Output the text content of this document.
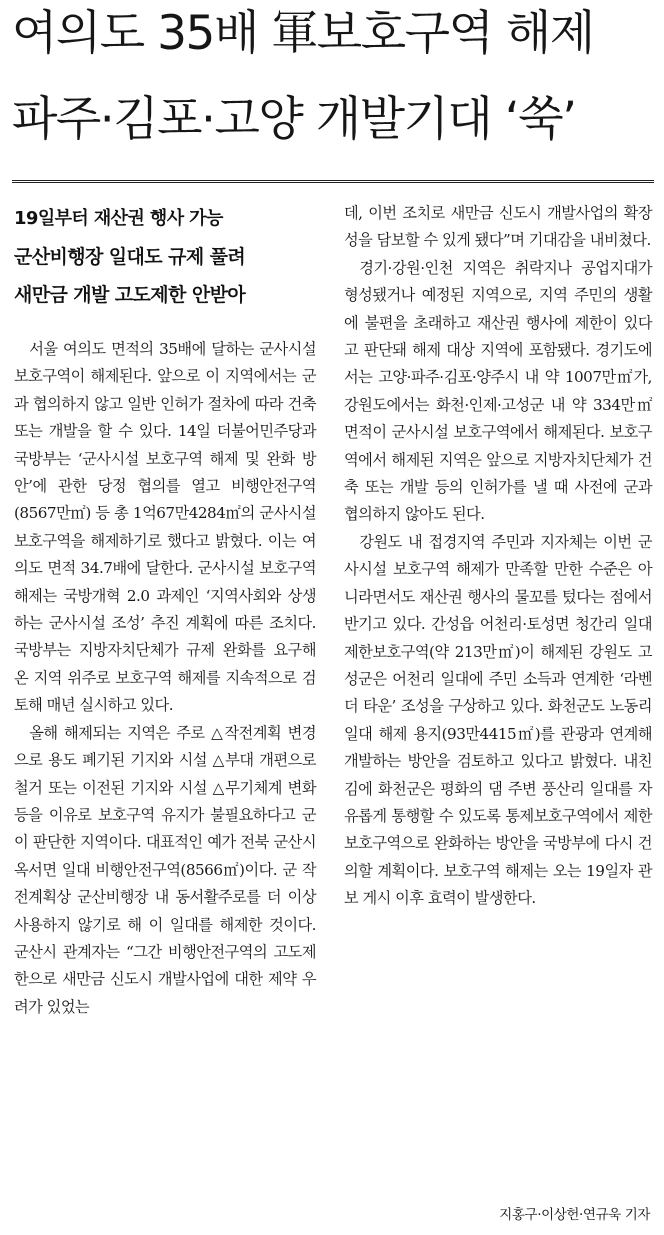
여의도 35배 軍보호구역 해제
파주·김포·고양 개발기대 ‘쑥’
19일부터 재산권 행사 가능
군산비행장 일대도 규제 풀려
새만금 개발 고도제한 안받아
서울 여의도 면적의 35배에 달하는 군사시설 보호구역이 해제된다. 앞으로 이 지역에서는 군과 협의하지 않고 일반 인허가 절차에 따라 건축 또는 개발을 할 수 있다. 14일 더불어민주당과 국방부는 ‘군사시설 보호구역 해제 및 완화 방안’에 관한 당정 협의를 열고 비행안전구역(8567만㎡) 등 총 1억67만4284㎡의 군사시설 보호구역을 해제하기로 했다고 밝혔다. 이는 여의도 면적 34.7배에 달한다. 군사시설 보호구역 해제는 국방개혁 2.0 과제인 ‘지역사회와 상생하는 군사시설 조성’ 추진 계획에 따른 조치다. 국방부는 지방자치단체가 규제 완화를 요구해 온 지역 위주로 보호구역 해제를 지속적으로 검토해 매년 실시하고 있다.
올해 해제되는 지역은 주로 △작전계획 변경으로 용도 폐기된 기지와 시설 △부대 개편으로 철거 또는 이전된 기지와 시설 △무기체계 변화 등을 이유로 보호구역 유지가 불필요하다고 군이 판단한 지역이다. 대표적인 예가 전북 군산시 옥서면 일대 비행안전구역(8566㎡)이다. 군 작전계획상 군산비행장 내 동서활주로를 더 이상 사용하지 않기로 해 이 일대를 해제한 것이다. 군산시 관계자는 “그간 비행안전구역의 고도제한으로 새만금 신도시 개발사업에 대한 제약 우려가 있었는
데, 이번 조치로 새만금 신도시 개발사업의 확장성을 담보할 수 있게 됐다”며 기대감을 내비쳤다.
경기·강원·인천 지역은 취락지나 공업지대가 형성됐거나 예정된 지역으로, 지역 주민의 생활에 불편을 초래하고 재산권 행사에 제한이 있다고 판단돼 해제 대상 지역에 포함됐다. 경기도에서는 고양·파주·김포·양주시 내 약 1007만㎡가, 강원도에서는 화천·인제·고성군 내 약 334만㎡ 면적이 군사시설 보호구역에서 해제된다. 보호구역에서 해제된 지역은 앞으로 지방자치단체가 건축 또는 개발 등의 인허가를 낼 때 사전에 군과 협의하지 않아도 된다.
강원도 내 접경지역 주민과 지자체는 이번 군사시설 보호구역 해제가 만족할 만한 수준은 아니라면서도 재산권 행사의 물꼬를 텄다는 점에서 반기고 있다. 간성읍 어천리·토성면 청간리 일대 제한보호구역(약 213만㎡)이 해제된 강원도 고성군은 어천리 일대에 주민 소득과 연계한 ‘라벤더 타운’ 조성을 구상하고 있다. 화천군도 노동리 일대 해제 용지(93만4415㎡)를 관광과 연계해 개발하는 방안을 검토하고 있다고 밝혔다. 내친김에 화천군은 평화의 댐 주변 풍산리 일대를 자유롭게 통행할 수 있도록 통제보호구역에서 제한보호구역으로 완화하는 방안을 국방부에 다시 건의할 계획이다. 보호구역 해제는 오는 19일자 관보 게시 이후 효력이 발생한다.
지홍구·이상헌·연규욱 기자
